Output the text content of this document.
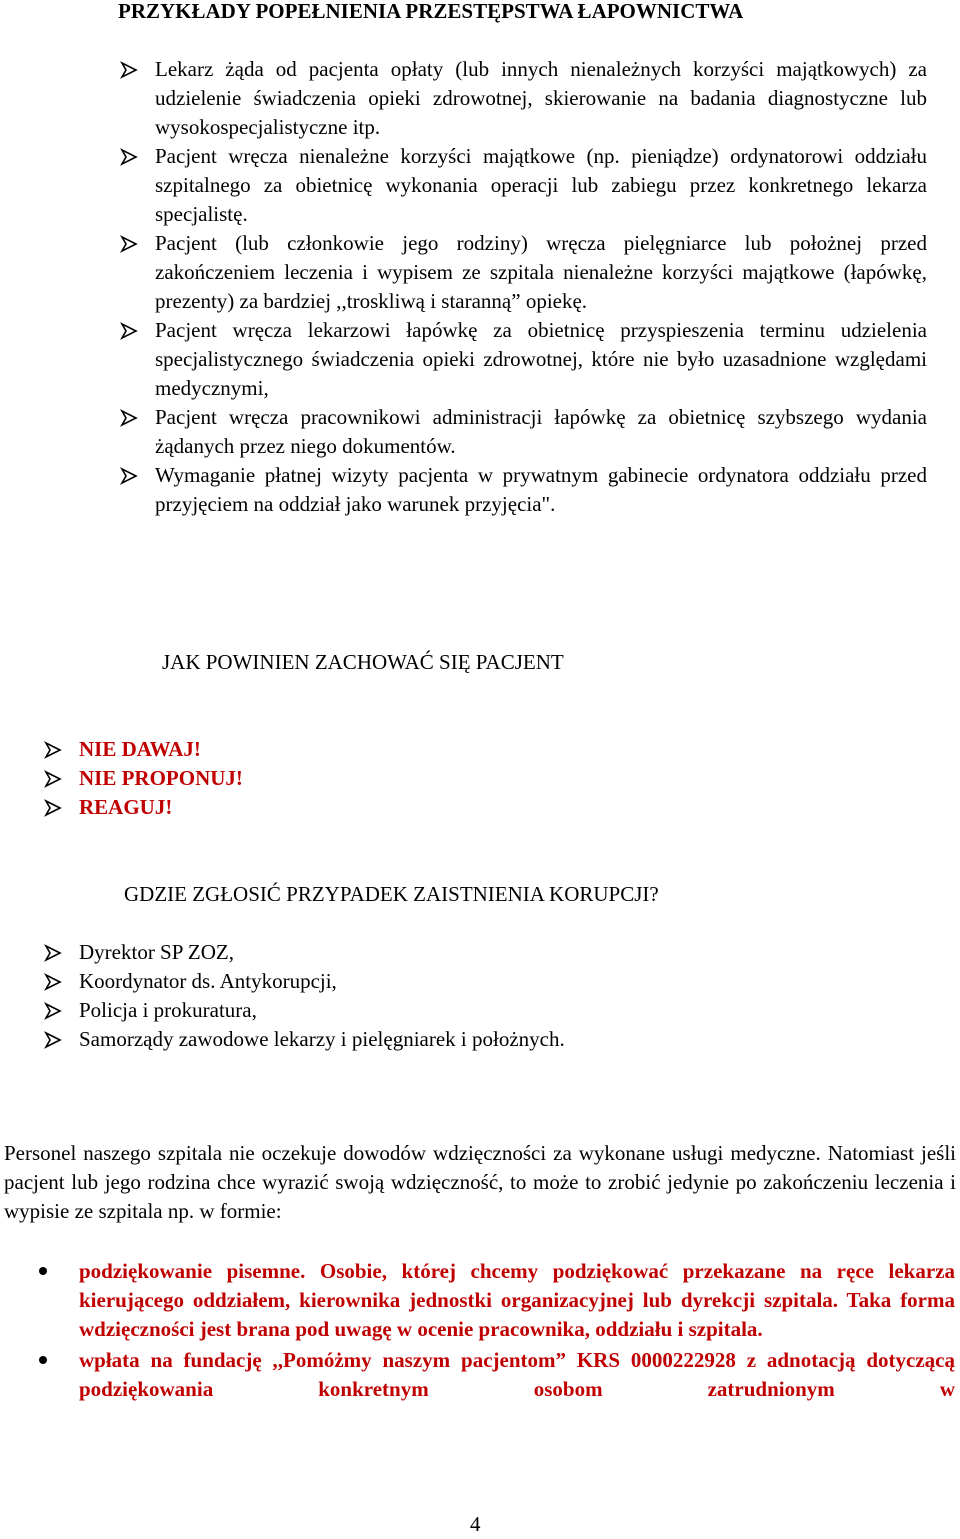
PRZYKŁADY POPEŁNIENIA PRZESTĘPSTWA ŁAPOWNICTWA
Lekarz żąda od pacjenta opłaty (lub innych nienależnych korzyści majątkowych) za udzielenie świadczenia opieki zdrowotnej, skierowanie na badania diagnostyczne lub wysokospecjalistyczne itp.
Pacjent wręcza nienależne korzyści majątkowe (np. pieniądze) ordynatorowi oddziału szpitalnego za obietnicę wykonania operacji lub zabiegu przez konkretnego lekarza specjalistę.
Pacjent (lub członkowie jego rodziny) wręcza pielęgniarce lub położnej przed zakończeniem leczenia i wypisem ze szpitala nienależne korzyści majątkowe (łapówkę, prezenty) za bardziej ,,troskliwą i staranną” opiekę.
Pacjent wręcza lekarzowi łapówkę za obietnicę przyspieszenia terminu udzielenia specjalistycznego świadczenia opieki zdrowotnej, które nie było uzasadnione względami medycznymi,
Pacjent wręcza pracownikowi administracji łapówkę za obietnicę szybszego wydania żądanych przez niego dokumentów.
Wymaganie płatnej wizyty pacjenta w prywatnym gabinecie ordynatora oddziału przed przyjęciem na oddział jako warunek przyjęcia".
JAK POWINIEN ZACHOWAĆ SIĘ PACJENT
NIE DAWAJ!
NIE PROPONUJ!
REAGUJ!
GDZIE ZGŁOSIĆ PRZYPADEK ZAISTNIENIA KORUPCJI?
Dyrektor SP ZOZ,
Koordynator ds. Antykorupcji,
Policja i prokuratura,
Samorządy zawodowe lekarzy i pielęgniarek i położnych.
Personel naszego szpitala nie oczekuje dowodów wdzięczności za wykonane usługi medyczne. Natomiast jeśli pacjent lub jego rodzina chce wyrazić swoją wdzięczność, to może to zrobić jedynie po zakończeniu leczenia i wypisie ze szpitala np. w formie:
podziękowanie pisemne. Osobie, której chcemy podziękować przekazane na ręce lekarza kierującego oddziałem, kierownika jednostki organizacyjnej lub dyrekcji szpitala. Taka forma wdzięczności jest brana pod uwagę w ocenie pracownika, oddziału i szpitala.
wpłata na fundację ,,Pomóżmy naszym pacjentom” KRS 0000222928 z adnotacją dotyczącą podziękowania konkretnym osobom zatrudnionym w
4
